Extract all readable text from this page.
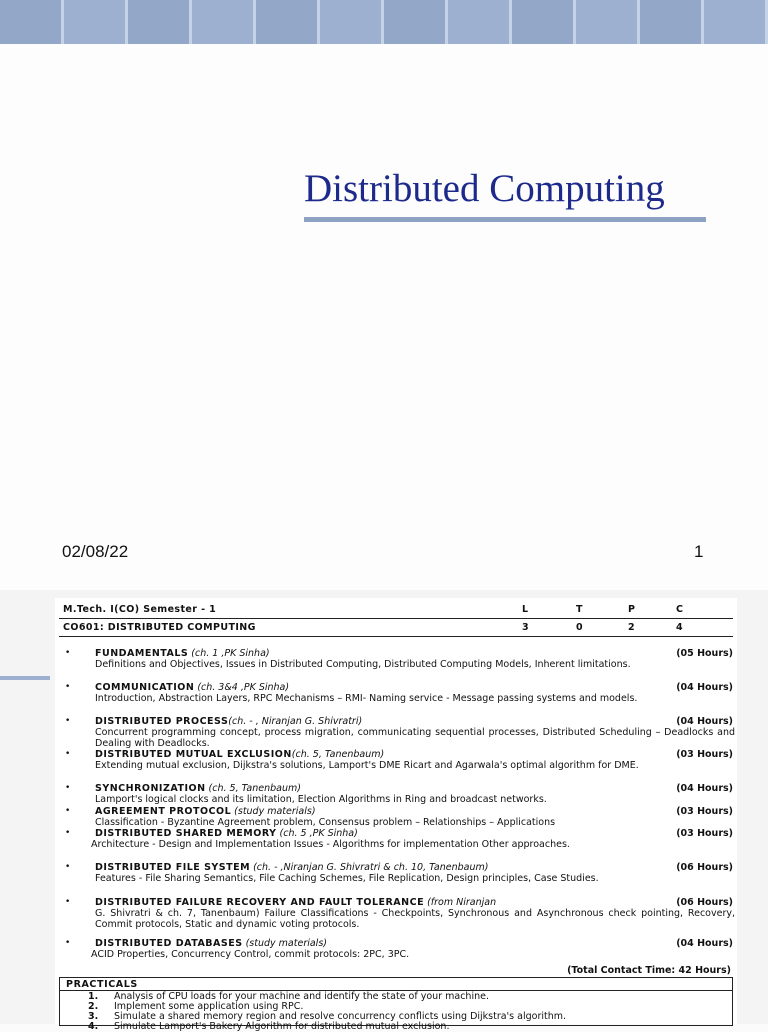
Distributed Computing
02/08/22	1
M.Tech. I(CO) Semester - 1	L	T	P	C
CO601: DISTRIBUTED COMPUTING	3	0	2	4
•	FUNDAMENTALS (ch. 1 ,PK Sinha)	(05 Hours)
Definitions and Objectives, Issues in Distributed Computing, Distributed Computing Models, Inherent limitations.
•	COMMUNICATION (ch. 3&4 ,PK Sinha)	(04 Hours)
Introduction, Abstraction Layers, RPC Mechanisms – RMI- Naming service - Message passing systems and models.
•	DISTRIBUTED PROCESS(ch. - , Niranjan G. Shivratri)	(04 Hours)
Concurrent programming concept, process migration, communicating sequential processes, Distributed Scheduling – Deadlocks and Dealing with Deadlocks.
•	DISTRIBUTED MUTUAL EXCLUSION(ch. 5, Tanenbaum)	(03 Hours)
Extending mutual exclusion, Dijkstra's solutions, Lamport's DME Ricart and Agarwala's optimal algorithm for DME.
•	SYNCHRONIZATION (ch. 5, Tanenbaum)	(04 Hours)
Lamport's logical clocks and its limitation, Election Algorithms in Ring and broadcast networks.
•	AGREEMENT PROTOCOL (study materials)	(03 Hours)
Classification - Byzantine Agreement problem, Consensus problem – Relationships – Applications
•	DISTRIBUTED SHARED MEMORY (ch. 5 ,PK Sinha)	(03 Hours)
Architecture - Design and Implementation Issues - Algorithms for implementation Other approaches.
•	DISTRIBUTED FILE SYSTEM (ch. - ,Niranjan G. Shivratri & ch. 10, Tanenbaum)	(06 Hours)
Features - File Sharing Semantics, File Caching Schemes, File Replication, Design principles, Case Studies.
•	DISTRIBUTED FAILURE RECOVERY AND FAULT TOLERANCE (from Niranjan	(06 Hours)
G. Shivratri & ch. 7, Tanenbaum) Failure Classifications - Checkpoints, Synchronous and Asynchronous check pointing, Recovery, Commit protocols, Static and dynamic voting protocols.
•	DISTRIBUTED DATABASES (study materials)	(04 Hours)
ACID Properties, Concurrency Control, commit protocols: 2PC, 3PC.
(Total Contact Time: 42 Hours)
PRACTICALS
1. Analysis of CPU loads for your machine and identify the state of your machine.
2. Implement some application using RPC.
3. Simulate a shared memory region and resolve concurrency conflicts using Dijkstra's algorithm.
4. Simulate Lamport's Bakery Algorithm for distributed mutual exclusion.
